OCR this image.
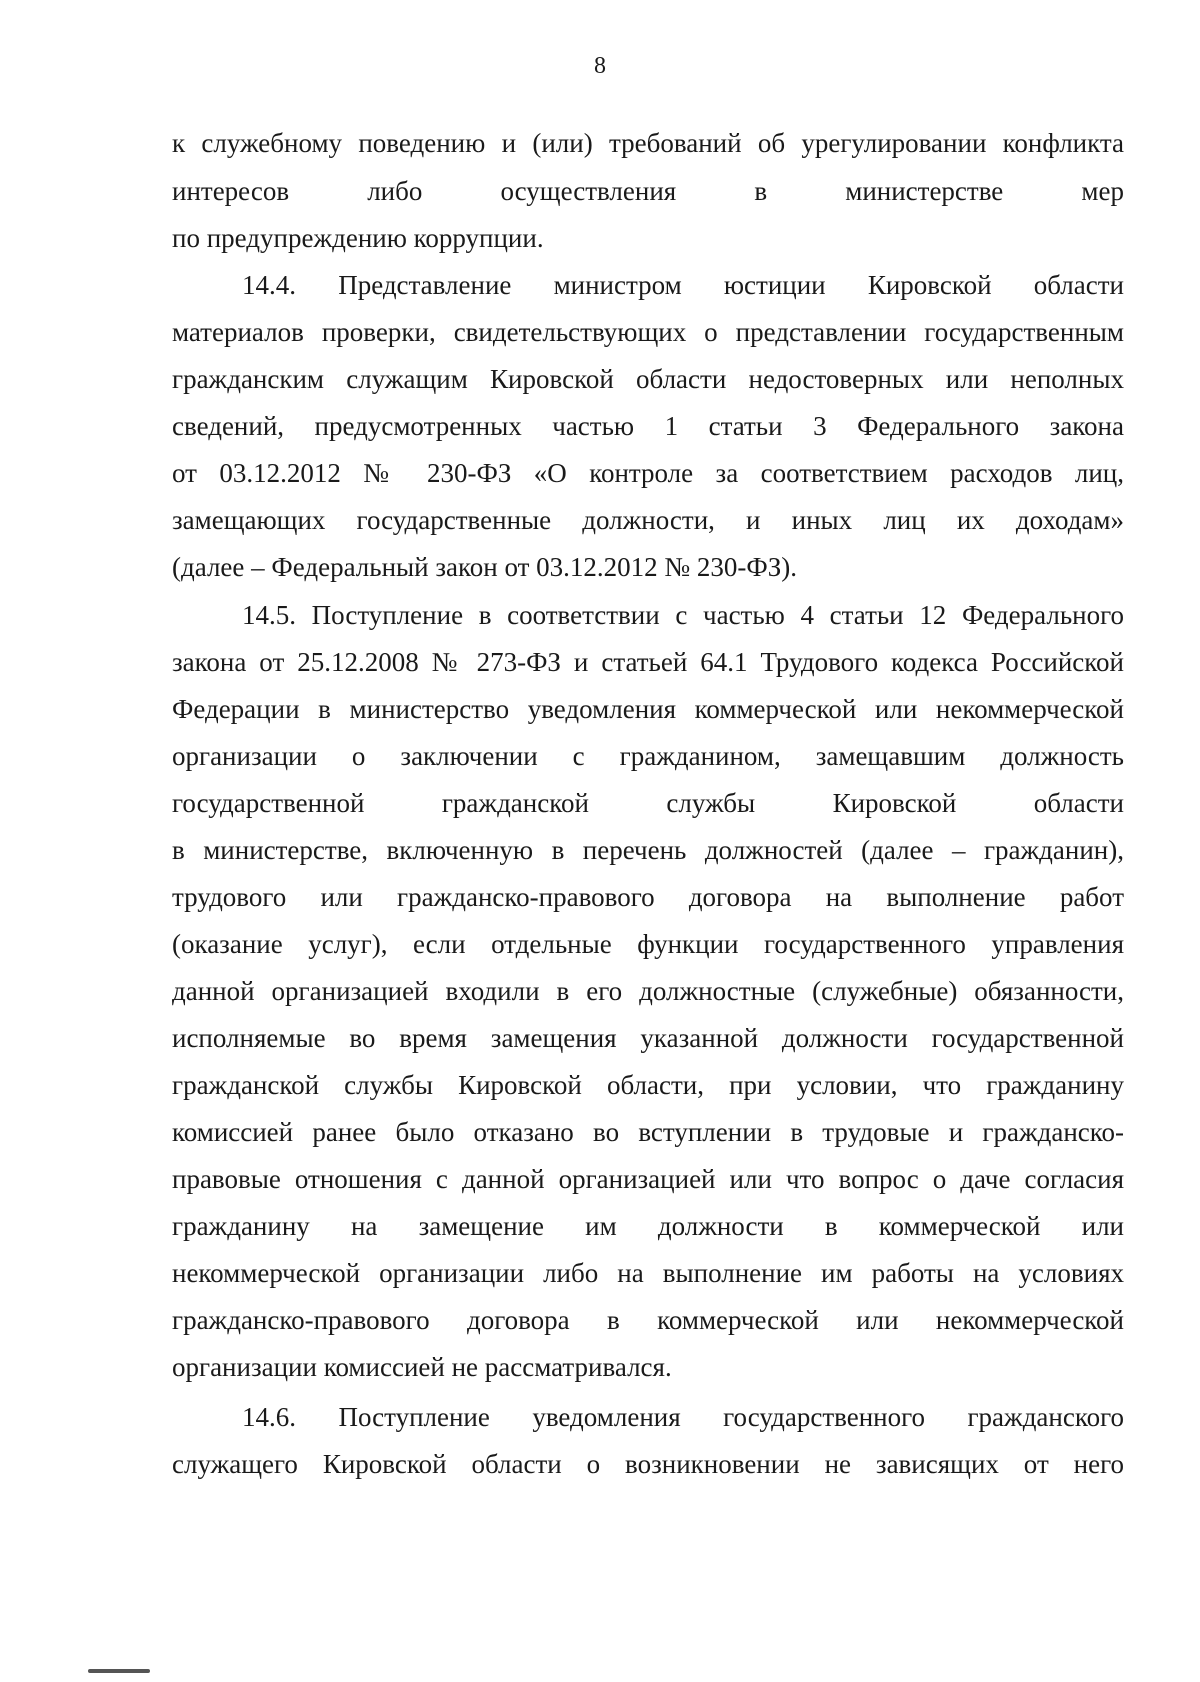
8
к служебному поведению и (или) требований об урегулировании конфликта
интересов либо осуществления в министерстве мер
по предупреждению коррупции.
14.4. Представление министром юстиции Кировской области
материалов проверки, свидетельствующих о представлении государственным
гражданским служащим Кировской области недостоверных или неполных
сведений, предусмотренных частью 1 статьи 3 Федерального закона
от 03.12.2012 № 230-ФЗ «О контроле за соответствием расходов лиц,
замещающих государственные должности, и иных лиц их доходам»
(далее – Федеральный закон от 03.12.2012 № 230-ФЗ).
14.5. Поступление в соответствии с частью 4 статьи 12 Федерального
закона от 25.12.2008 № 273-ФЗ и статьей 64.1 Трудового кодекса Российской
Федерации в министерство уведомления коммерческой или некоммерческой
организации о заключении с гражданином, замещавшим должность
государственной гражданской службы Кировской области
в министерстве, включенную в перечень должностей (далее – гражданин),
трудового или гражданско-правового договора на выполнение работ
(оказание услуг), если отдельные функции государственного управления
данной организацией входили в его должностные (служебные) обязанности,
исполняемые во время замещения указанной должности государственной
гражданской службы Кировской области, при условии, что гражданину
комиссией ранее было отказано во вступлении в трудовые и гражданско-
правовые отношения с данной организацией или что вопрос о даче согласия
гражданину на замещение им должности в коммерческой или
некоммерческой организации либо на выполнение им работы на условиях
гражданско-правового договора в коммерческой или некоммерческой
организации комиссией не рассматривался.
14.6. Поступление уведомления государственного гражданского
служащего Кировской области о возникновении не зависящих от него
